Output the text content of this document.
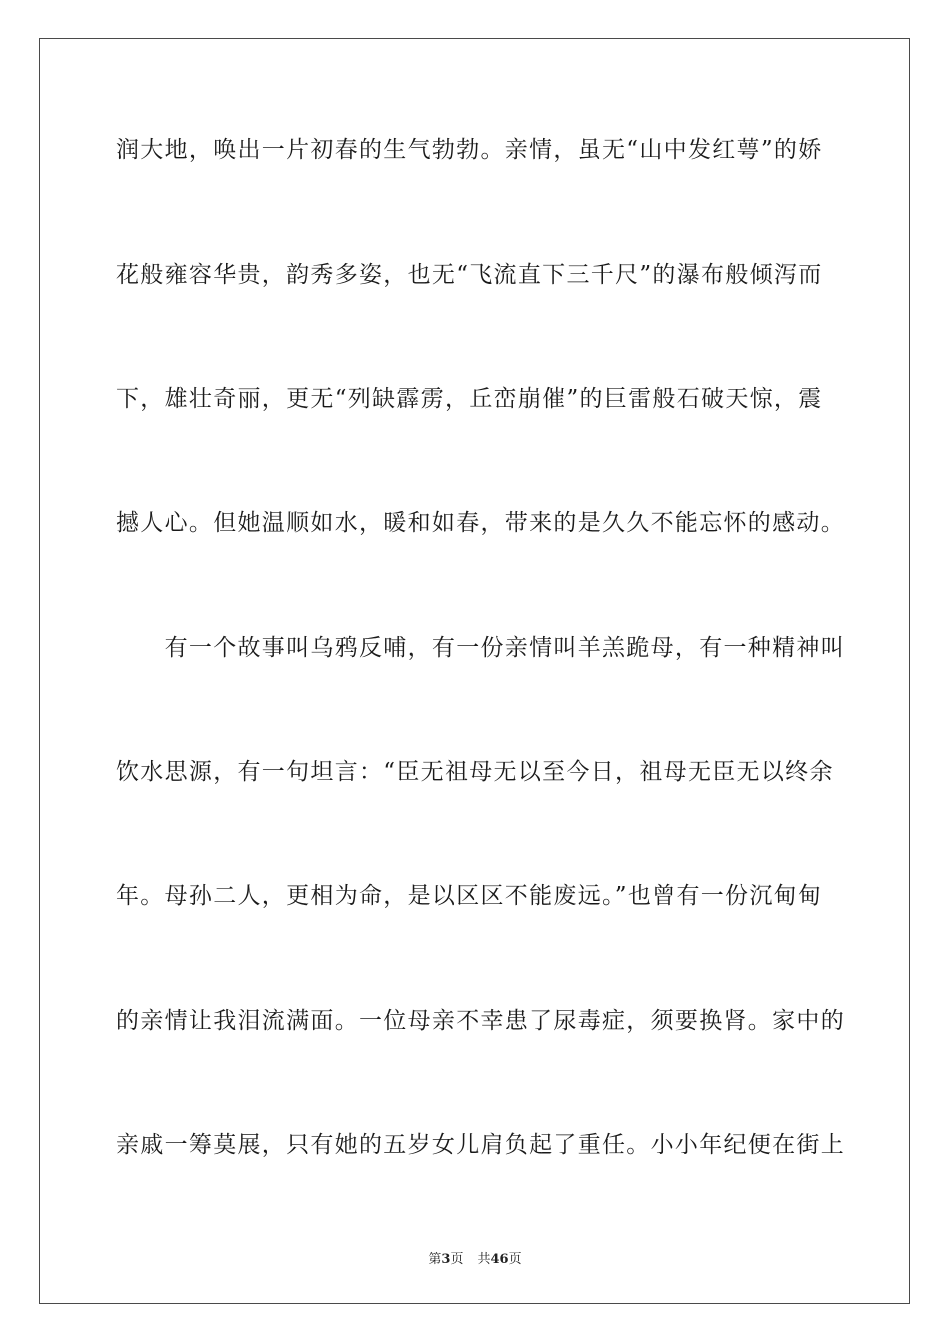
润大地，唤出一片初春的生气勃勃。亲情，虽无“山中发红萼”的娇

花般雍容华贵，韵秀多姿，也无“飞流直下三千尺”的瀑布般倾泻而

下，雄壮奇丽，更无“列缺霹雳，丘峦崩催”的巨雷般石破天惊，震

撼人心。但她温顺如水，暖和如春，带来的是久久不能忘怀的感动。

　　有一个故事叫乌鸦反哺，有一份亲情叫羊羔跪母，有一种精神叫

饮水思源，有一句坦言：“臣无祖母无以至今日，祖母无臣无以终余

年。母孙二人，更相为命，是以区区不能废远。”也曾有一份沉甸甸

的亲情让我泪流满面。一位母亲不幸患了尿毒症，须要换肾。家中的

亲戚一筹莫展，只有她的五岁女儿肩负起了重任。小小年纪便在街上

第3页 共46页
